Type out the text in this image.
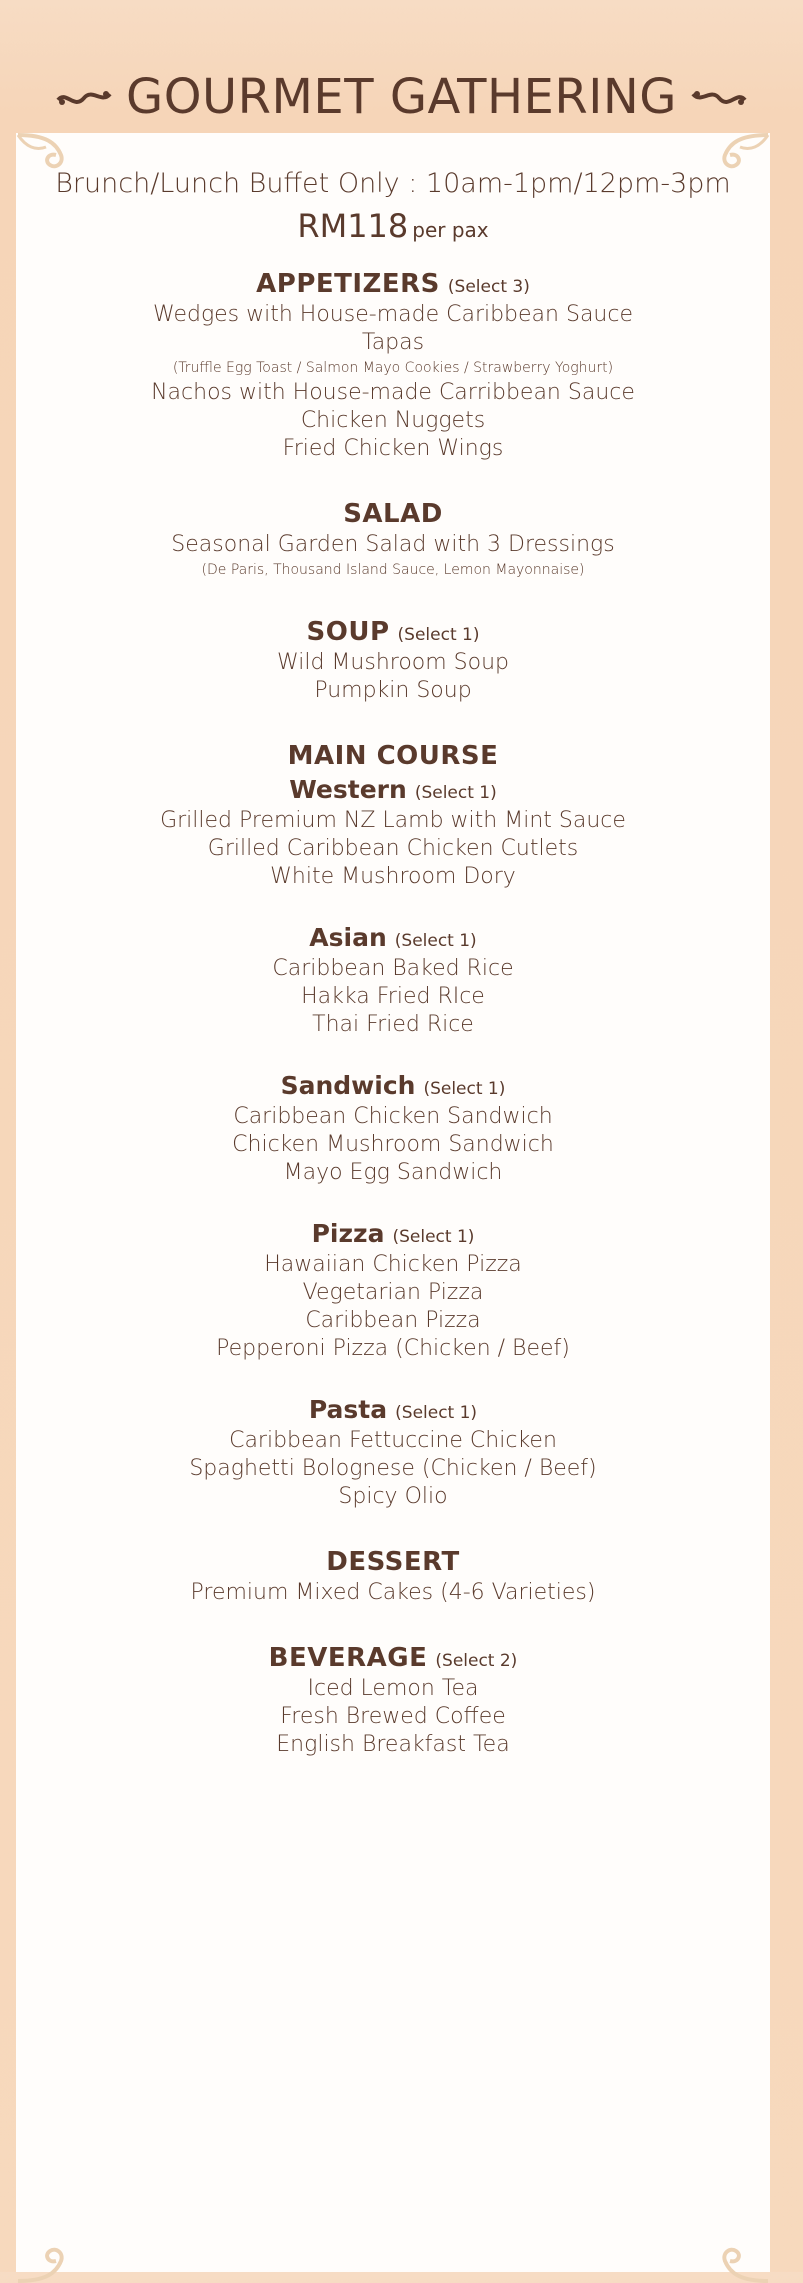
GOURMET GATHERING

Brunch/Lunch Buffet Only : 10am-1pm/12pm-3pm

RM118 per pax

APPETIZERS (Select 3)

Wedges with House-made Caribbean Sauce

Tapas

(Truffle Egg Toast / Salmon Mayo Cookies / Strawberry Yoghurt)

Nachos with House-made Carribbean Sauce

Chicken Nuggets

Fried Chicken Wings

SALAD

Seasonal Garden Salad with 3 Dressings

(De Paris, Thousand Island Sauce, Lemon Mayonnaise)

SOUP (Select 1)

Wild Mushroom Soup

Pumpkin Soup

MAIN COURSE
Western (Select 1)

Grilled Premium NZ Lamb with Mint Sauce

Grilled Caribbean Chicken Cutlets

White Mushroom Dory

Asian (Select 1)

Caribbean Baked Rice

Hakka Fried RIce

Thai Fried Rice

Sandwich (Select 1)

Caribbean Chicken Sandwich

Chicken Mushroom Sandwich

Mayo Egg Sandwich

Pizza (Select 1)

Hawaiian Chicken Pizza

Vegetarian Pizza

Caribbean Pizza

Pepperoni Pizza (Chicken / Beef)

Pasta (Select 1)

Caribbean Fettuccine Chicken

Spaghetti Bolognese (Chicken / Beef)

Spicy Olio

DESSERT

Premium Mixed Cakes (4-6 Varieties)

BEVERAGE (Select 2)

Iced Lemon Tea

Fresh Brewed Coffee

English Breakfast Tea
